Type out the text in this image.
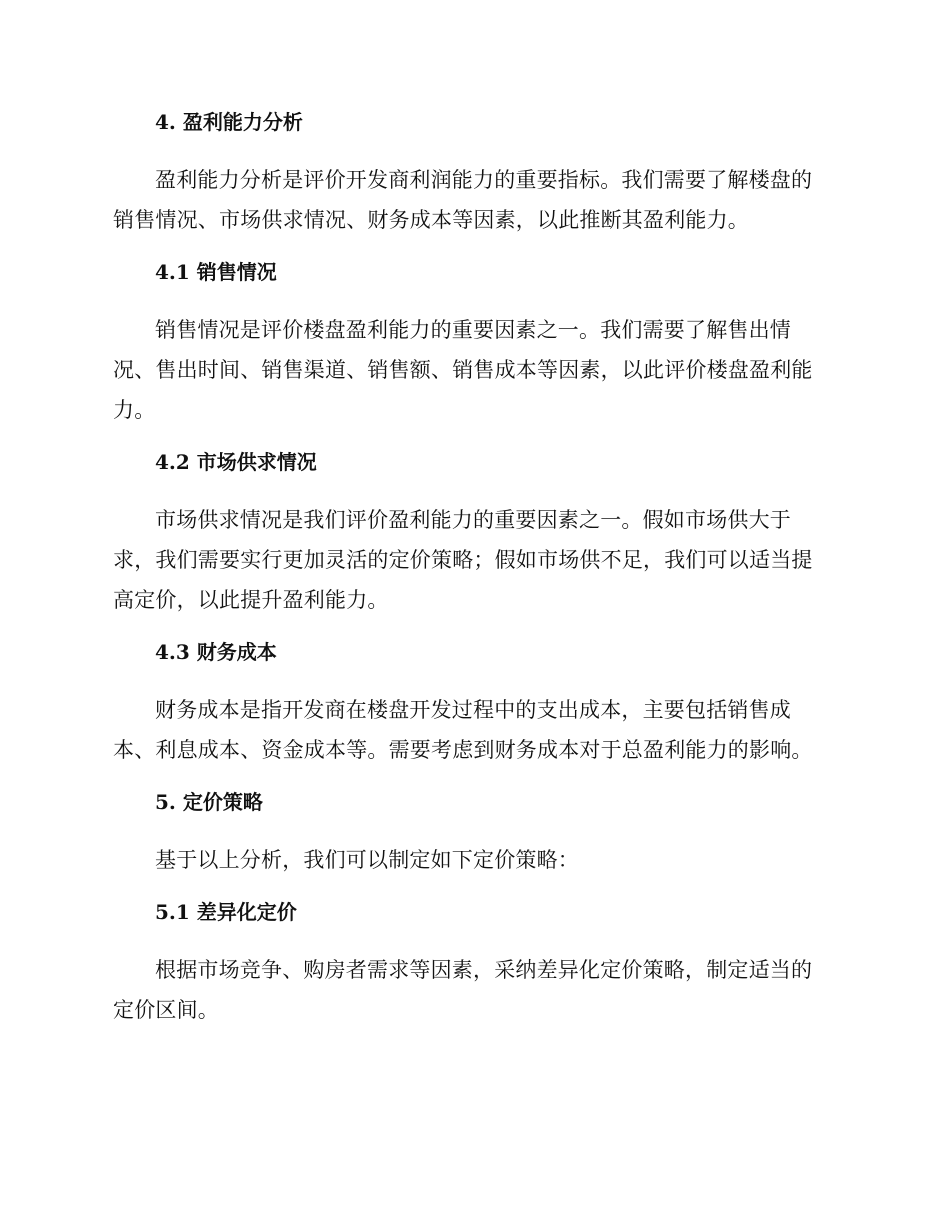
4. 盈利能力分析

盈利能力分析是评价开发商利润能力的重要指标。我们需要了解楼盘的销售情况、市场供求情况、财务成本等因素，以此推断其盈利能力。

4.1 销售情况

销售情况是评价楼盘盈利能力的重要因素之一。我们需要了解售出情况、售出时间、销售渠道、销售额、销售成本等因素，以此评价楼盘盈利能力。

4.2 市场供求情况

市场供求情况是我们评价盈利能力的重要因素之一。假如市场供大于求，我们需要实行更加灵活的定价策略；假如市场供不足，我们可以适当提高定价，以此提升盈利能力。

4.3 财务成本

财务成本是指开发商在楼盘开发过程中的支出成本，主要包括销售成本、利息成本、资金成本等。需要考虑到财务成本对于总盈利能力的影响。

5. 定价策略

基于以上分析，我们可以制定如下定价策略：

5.1 差异化定价

根据市场竞争、购房者需求等因素，采纳差异化定价策略，制定适当的定价区间。
